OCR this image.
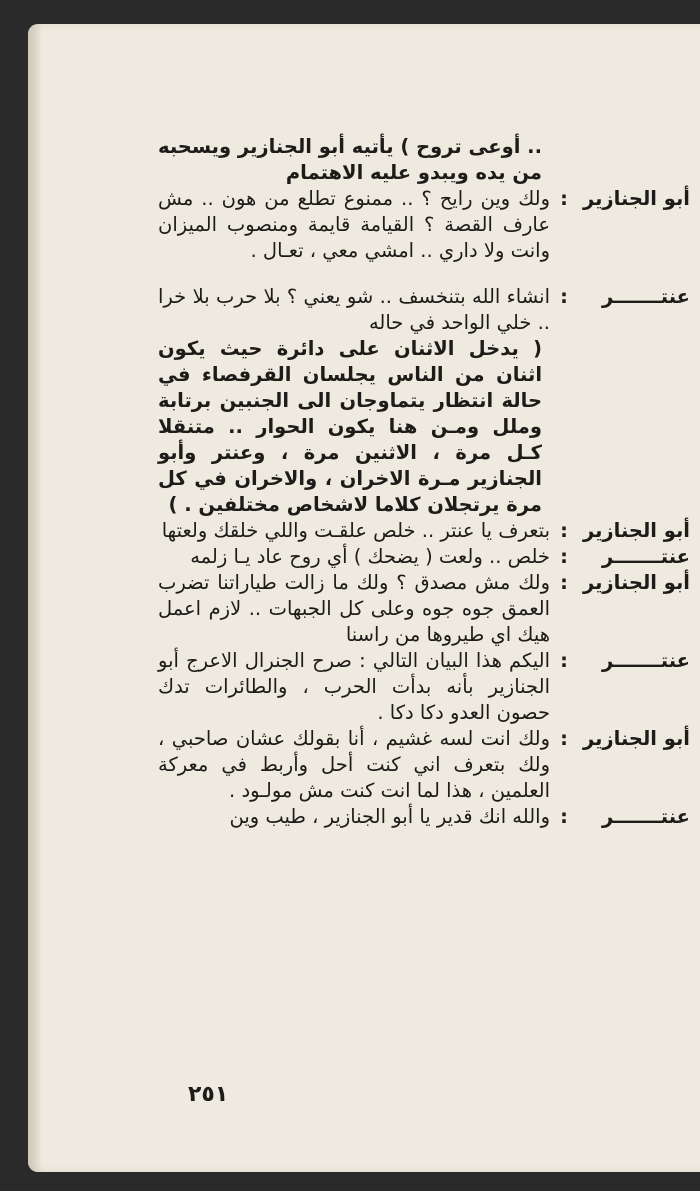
.. أوعى تروح ) يأتيه أبو الجنازير ويسحبه من يده ويبدو عليه الاهتمام
أبو الجنازير
:
ولك وين رايح ؟ .. ممنوع تطلع من هون .. مش عارف القصة ؟ القيامة قايمة ومنصوب الميزان وانت ولا داري .. امشي معي ، تعـال .
عنتـــــــر
:
انشاء الله بتنخسف .. شو يعني ؟ بلا حرب بلا خرا .. خلي الواحد في حاله
( يدخل الاثنان على دائرة حيث يكون اثنان من الناس يجلسان القرفصاء في حالة انتظار يتماوجان الى الجنبين برتابة وملل ومـن هنا يكون الحوار .. متنقلا كـل مرة ، الاثنين مرة ، وعنتر وأبو الجنازير مـرة الاخران ، والاخران في كل مرة يرتجلان كلاما لاشخاص مختلفين . )
أبو الجنازير
:
بتعرف يا عنتر .. خلص علقـت واللي خلقك ولعتها
عنتـــــــر
:
خلص .. ولعت ( يضحك ) أي روح عاد يـا زلمه
أبو الجنازير
:
ولك مش مصدق ؟ ولك ما زالت طياراتنا تضرب العمق جوه جوه وعلى كل الجبهات .. لازم اعمل هيك اي طيروها من راسنا
عنتـــــــر
:
اليكم هذا البيان التالي : صرح الجنرال الاعرج أبو الجنازير بأنه بدأت الحرب ، والطائرات تدك حصون العدو دكا دكا .
أبو الجنازير
:
ولك انت لسه غشيم ، أنا بقولك عشان صاحبي ، ولك بتعرف اني كنت أحل وأربط في معركة العلمين ، هذا لما انت كنت مش مولـود .
عنتـــــــر
:
والله انك قدير يا أبو الجنازير ، طيب وين
٢٥١
